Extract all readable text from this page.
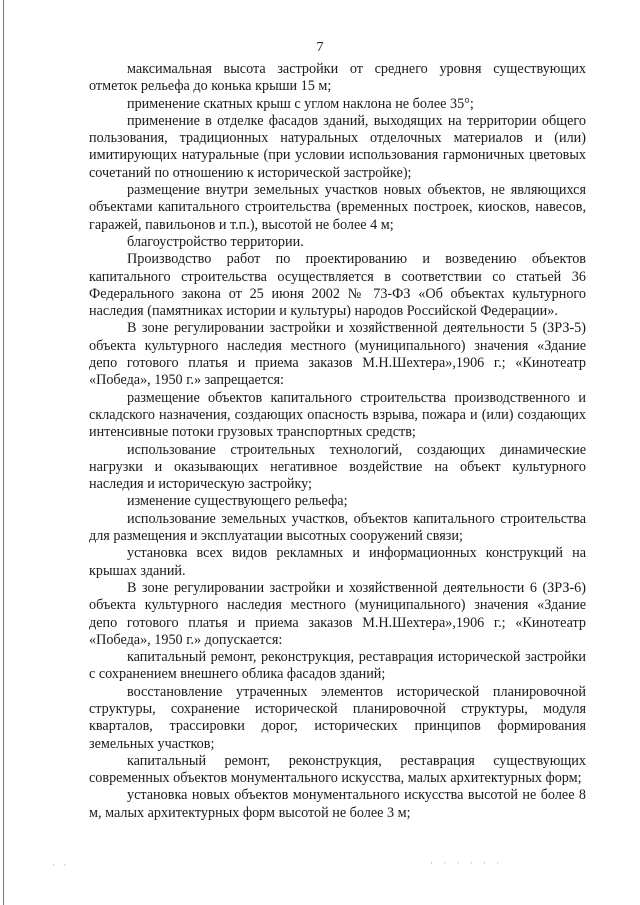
7

максимальная высота застройки от среднего уровня существующих отметок рельефа до конька крыши 15 м;

применение скатных крыш с углом наклона не более 35°;

применение в отделке фасадов зданий, выходящих на территории общего пользования, традиционных натуральных отделочных материалов и (или) имитирующих натуральные (при условии использования гармоничных цветовых сочетаний по отношению к исторической застройке);

размещение внутри земельных участков новых объектов, не являющихся объектами капитального строительства (временных построек, киосков, навесов, гаражей, павильонов и т.п.), высотой не более 4 м;

благоустройство территории.

Производство работ по проектированию и возведению объектов капитального строительства осуществляется в соответствии со статьей 36 Федерального закона от 25 июня 2002 № 73-ФЗ «Об объектах культурного наследия (памятниках истории и культуры) народов Российской Федерации».

В зоне регулировании застройки и хозяйственной деятельности 5 (ЗРЗ-5) объекта культурного наследия местного (муниципального) значения «Здание депо готового платья и приема заказов М.Н.Шехтера»,1906 г.; «Кинотеатр «Победа», 1950 г.» запрещается:

размещение объектов капитального строительства производственного и складского назначения, создающих опасность взрыва, пожара и (или) создающих интенсивные потоки грузовых транспортных средств;

использование строительных технологий, создающих динамические нагрузки и оказывающих негативное воздействие на объект культурного наследия и историческую застройку;

изменение существующего рельефа;

использование земельных участков, объектов капитального строительства для размещения и эксплуатации высотных сооружений связи;

установка всех видов рекламных и информационных конструкций на крышах зданий.

В зоне регулировании застройки и хозяйственной деятельности 6 (ЗРЗ-6) объекта культурного наследия местного (муниципального) значения «Здание депо готового платья и приема заказов М.Н.Шехтера»,1906 г.; «Кинотеатр «Победа», 1950 г.» допускается:

капитальный ремонт, реконструкция, реставрация исторической застройки с сохранением внешнего облика фасадов зданий;

восстановление утраченных элементов исторической планировочной структуры, сохранение исторической планировочной структуры, модуля кварталов, трассировки дорог, исторических принципов формирования земельных участков;

капитальный ремонт, реконструкция, реставрация существующих современных объектов монументального искусства, малых архитектурных форм;

установка новых объектов монументального искусства высотой не более 8 м, малых архитектурных форм высотой не более 3 м;

· ·	· · · · · ·
